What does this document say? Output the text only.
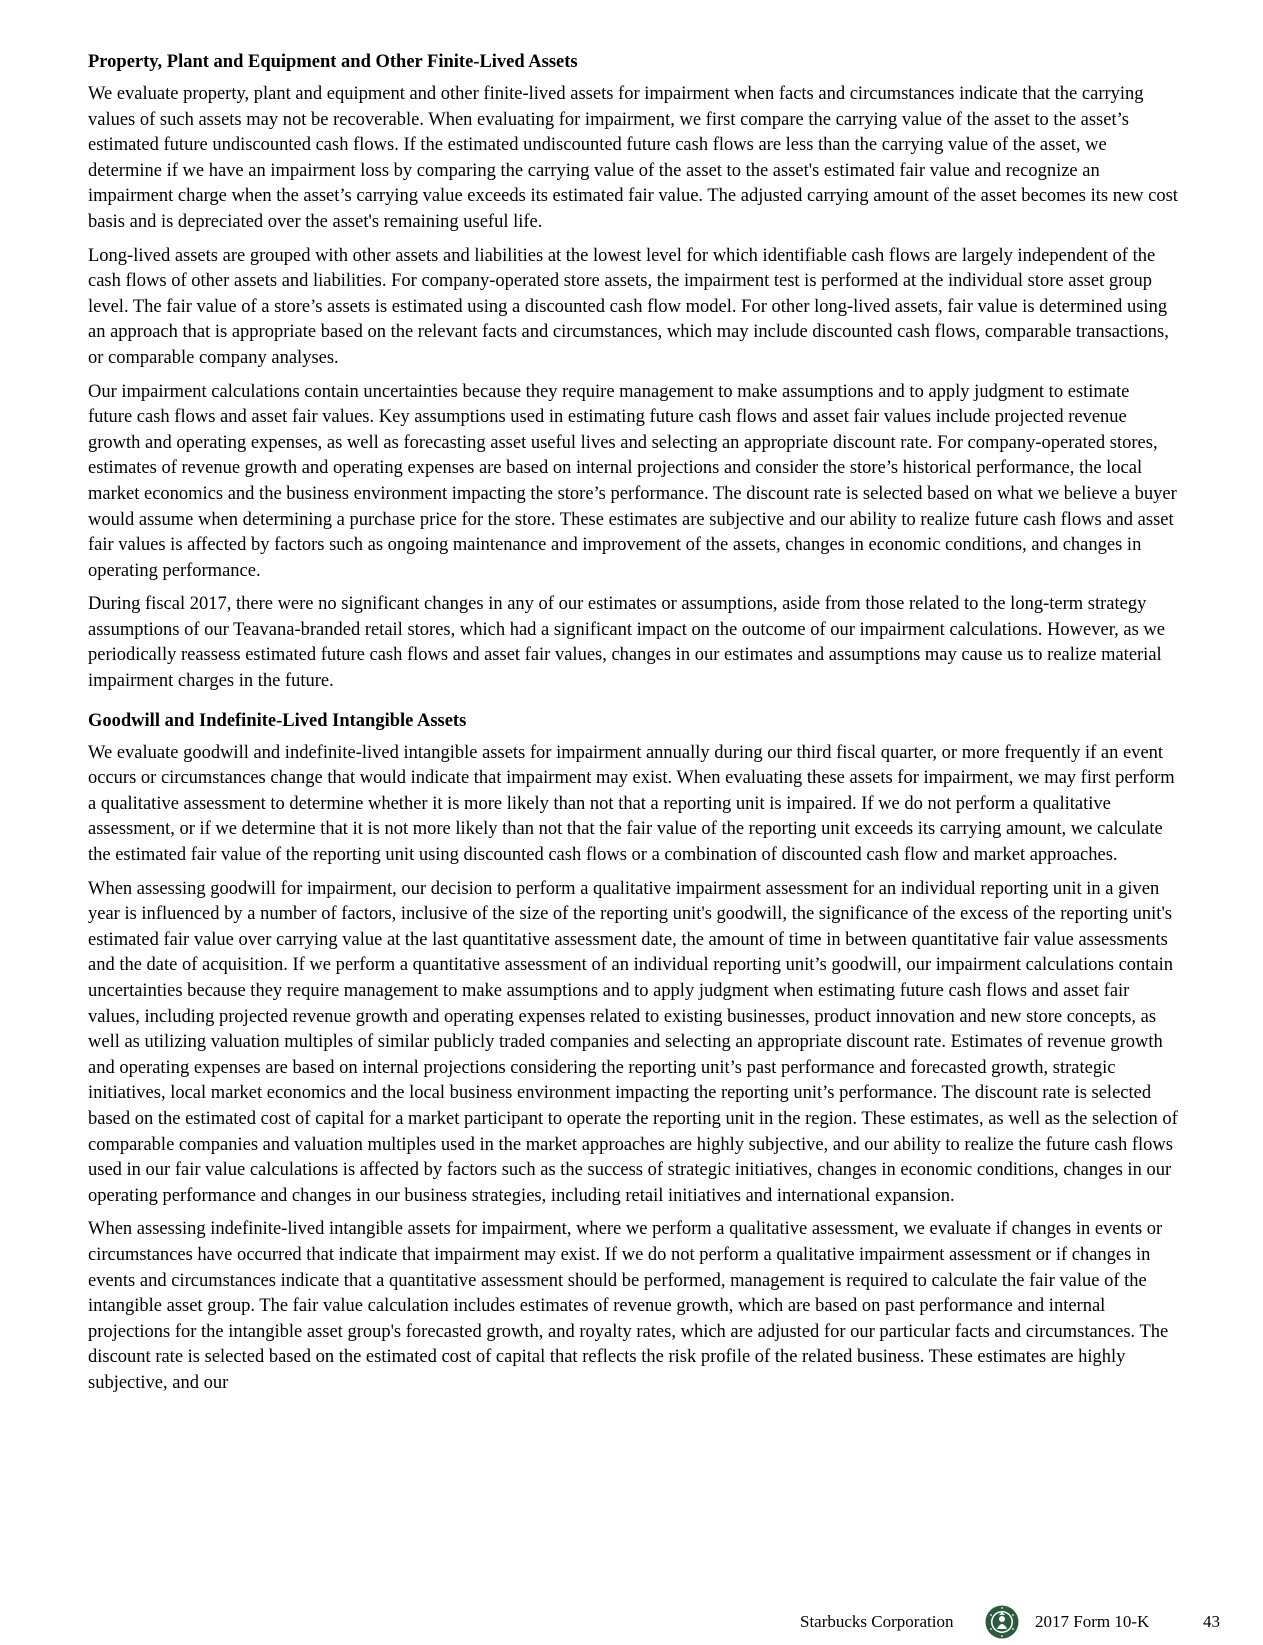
Property, Plant and Equipment and Other Finite-Lived Assets

We evaluate property, plant and equipment and other finite-lived assets for impairment when facts and circumstances indicate that the carrying values of such assets may not be recoverable. When evaluating for impairment, we first compare the carrying value of the asset to the asset’s estimated future undiscounted cash flows. If the estimated undiscounted future cash flows are less than the carrying value of the asset, we determine if we have an impairment loss by comparing the carrying value of the asset to the asset's estimated fair value and recognize an impairment charge when the asset’s carrying value exceeds its estimated fair value. The adjusted carrying amount of the asset becomes its new cost basis and is depreciated over the asset's remaining useful life.

Long-lived assets are grouped with other assets and liabilities at the lowest level for which identifiable cash flows are largely independent of the cash flows of other assets and liabilities. For company-operated store assets, the impairment test is performed at the individual store asset group level. The fair value of a store’s assets is estimated using a discounted cash flow model. For other long-lived assets, fair value is determined using an approach that is appropriate based on the relevant facts and circumstances, which may include discounted cash flows, comparable transactions, or comparable company analyses.

Our impairment calculations contain uncertainties because they require management to make assumptions and to apply judgment to estimate future cash flows and asset fair values. Key assumptions used in estimating future cash flows and asset fair values include projected revenue growth and operating expenses, as well as forecasting asset useful lives and selecting an appropriate discount rate. For company-operated stores, estimates of revenue growth and operating expenses are based on internal projections and consider the store’s historical performance, the local market economics and the business environment impacting the store’s performance. The discount rate is selected based on what we believe a buyer would assume when determining a purchase price for the store. These estimates are subjective and our ability to realize future cash flows and asset fair values is affected by factors such as ongoing maintenance and improvement of the assets, changes in economic conditions, and changes in operating performance.

During fiscal 2017, there were no significant changes in any of our estimates or assumptions, aside from those related to the long-term strategy assumptions of our Teavana-branded retail stores, which had a significant impact on the outcome of our impairment calculations. However, as we periodically reassess estimated future cash flows and asset fair values, changes in our estimates and assumptions may cause us to realize material impairment charges in the future.

Goodwill and Indefinite-Lived Intangible Assets

We evaluate goodwill and indefinite-lived intangible assets for impairment annually during our third fiscal quarter, or more frequently if an event occurs or circumstances change that would indicate that impairment may exist. When evaluating these assets for impairment, we may first perform a qualitative assessment to determine whether it is more likely than not that a reporting unit is impaired. If we do not perform a qualitative assessment, or if we determine that it is not more likely than not that the fair value of the reporting unit exceeds its carrying amount, we calculate the estimated fair value of the reporting unit using discounted cash flows or a combination of discounted cash flow and market approaches.

When assessing goodwill for impairment, our decision to perform a qualitative impairment assessment for an individual reporting unit in a given year is influenced by a number of factors, inclusive of the size of the reporting unit's goodwill, the significance of the excess of the reporting unit's estimated fair value over carrying value at the last quantitative assessment date, the amount of time in between quantitative fair value assessments and the date of acquisition. If we perform a quantitative assessment of an individual reporting unit’s goodwill, our impairment calculations contain uncertainties because they require management to make assumptions and to apply judgment when estimating future cash flows and asset fair values, including projected revenue growth and operating expenses related to existing businesses, product innovation and new store concepts, as well as utilizing valuation multiples of similar publicly traded companies and selecting an appropriate discount rate. Estimates of revenue growth and operating expenses are based on internal projections considering the reporting unit’s past performance and forecasted growth, strategic initiatives, local market economics and the local business environment impacting the reporting unit’s performance. The discount rate is selected based on the estimated cost of capital for a market participant to operate the reporting unit in the region. These estimates, as well as the selection of comparable companies and valuation multiples used in the market approaches are highly subjective, and our ability to realize the future cash flows used in our fair value calculations is affected by factors such as the success of strategic initiatives, changes in economic conditions, changes in our operating performance and changes in our business strategies, including retail initiatives and international expansion.

When assessing indefinite-lived intangible assets for impairment, where we perform a qualitative assessment, we evaluate if changes in events or circumstances have occurred that indicate that impairment may exist. If we do not perform a qualitative impairment assessment or if changes in events and circumstances indicate that a quantitative assessment should be performed, management is required to calculate the fair value of the intangible asset group. The fair value calculation includes estimates of revenue growth, which are based on past performance and internal projections for the intangible asset group's forecasted growth, and royalty rates, which are adjusted for our particular facts and circumstances. The discount rate is selected based on the estimated cost of capital that reflects the risk profile of the related business. These estimates are highly subjective, and our

Starbucks Corporation	2017 Form 10-K	43
